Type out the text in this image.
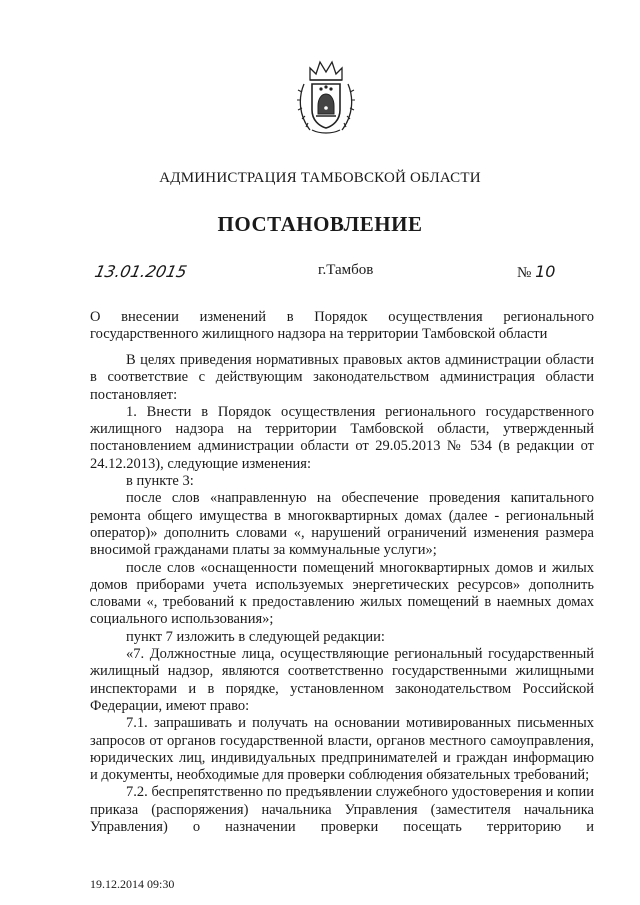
АДМИНИСТРАЦИЯ ТАМБОВСКОЙ ОБЛАСТИ
ПОСТАНОВЛЕНИЕ
13.01.2015	г.Тамбов	№ 10
О внесении изменений в Порядок осуществления регионального
государственного жилищного надзора на территории Тамбовской области

В целях приведения нормативных правовых актов администрации области в соответствие с действующим законодательством администрация области постановляет:

1. Внести в Порядок осуществления регионального государственного жилищного надзора на территории Тамбовской области, утвержденный постановлением администрации области от 29.05.2013 № 534 (в редакции от 24.12.2013), следующие изменения:

в пункте 3:

после слов «направленную на обеспечение проведения капитального ремонта общего имущества в многоквартирных домах (далее - региональный оператор)» дополнить словами «, нарушений ограничений изменения размера вносимой гражданами платы за коммунальные услуги»;

после слов «оснащенности помещений многоквартирных домов и жилых домов приборами учета используемых энергетических ресурсов» дополнить словами «, требований к предоставлению жилых помещений в наемных домах социального использования»;

пункт 7 изложить в следующей редакции:

«7. Должностные лица, осуществляющие региональный государственный жилищный надзор, являются соответственно государственными жилищными инспекторами и в порядке, установленном законодательством Российской Федерации, имеют право:

7.1. запрашивать и получать на основании мотивированных письменных запросов от органов государственной власти, органов местного самоуправления, юридических лиц, индивидуальных предпринимателей и граждан информацию и документы, необходимые для проверки соблюдения обязательных требований;

7.2. беспрепятственно по предъявлении служебного удостоверения и копии приказа (распоряжения) начальника Управления (заместителя начальника Управления) о назначении проверки посещать территорию и

19.12.2014 09:30
